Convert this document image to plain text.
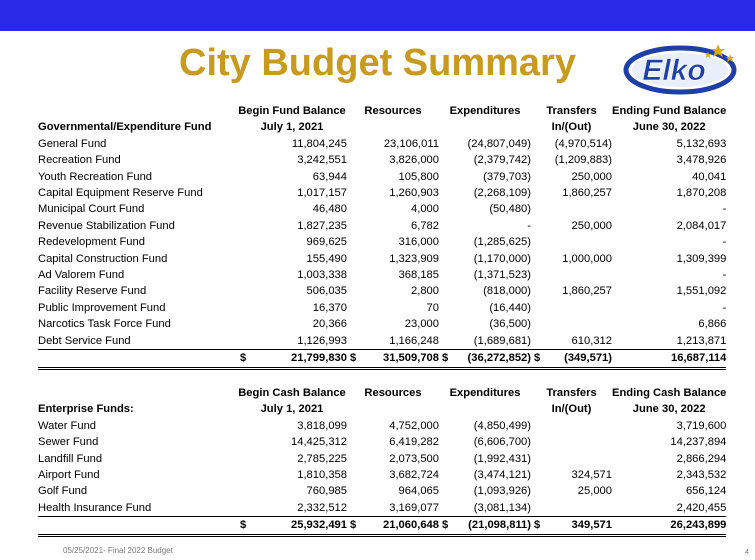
City Budget Summary	Elko
	Begin Fund Balance	Resources	Expenditures	Transfers	Ending Fund Balance
Governmental/Expenditure Fund	July 1, 2021			In/(Out)	June 30, 2022
General Fund	11,804,245	23,106,011	(24,807,049)	(4,970,514)	5,132,693
Recreation Fund	3,242,551	3,826,000	(2,379,742)	(1,209,883)	3,478,926
Youth Recreation Fund	63,944	105,800	(379,703)	250,000	40,041
Capital Equipment Reserve Fund	1,017,157	1,260,903	(2,268,109)	1,860,257	1,870,208
Municipal Court Fund	46,480	4,000	(50,480)		-
Revenue Stabilization Fund	1,827,235	6,782	-	250,000	2,084,017
Redevelopment Fund	969,625	316,000	(1,285,625)		-
Capital Construction Fund	155,490	1,323,909	(1,170,000)	1,000,000	1,309,399
Ad Valorem Fund	1,003,338	368,185	(1,371,523)		-
Facility Reserve Fund	506,035	2,800	(818,000)	1,860,257	1,551,092
Public Improvement Fund	16,370	70	(16,440)		-
Narcotics Task Force Fund	20,366	23,000	(36,500)		6,866
Debt Service Fund	1,126,993	1,166,248	(1,689,681)	610,312	1,213,871

	$ 21,799,830	$ 31,509,708	$ (36,272,852)	$ (349,571)	16,687,114
	Begin Cash Balance	Resources	Expenditures	Transfers	Ending Cash Balance
Enterprise Funds:	July 1, 2021			In/(Out)	June 30, 2022
Water Fund	3,818,099	4,752,000	(4,850,499)		3,719,600
Sewer Fund	14,425,312	6,419,282	(6,606,700)		14,237,894
Landfill Fund	2,785,225	2,073,500	(1,992,431)		2,866,294
Airport Fund	1,810,358	3,682,724	(3,474,121)	324,571	2,343,532
Golf Fund	760,985	964,065	(1,093,926)	25,000	656,124
Health Insurance Fund	2,332,512	3,169,077	(3,081,134)		2,420,455

	$ 25,932,491	$ 21,060,648	$ (21,098,811)	$ 349,571	26,243,899
05/25/2021- Final 2022 Budget	4
